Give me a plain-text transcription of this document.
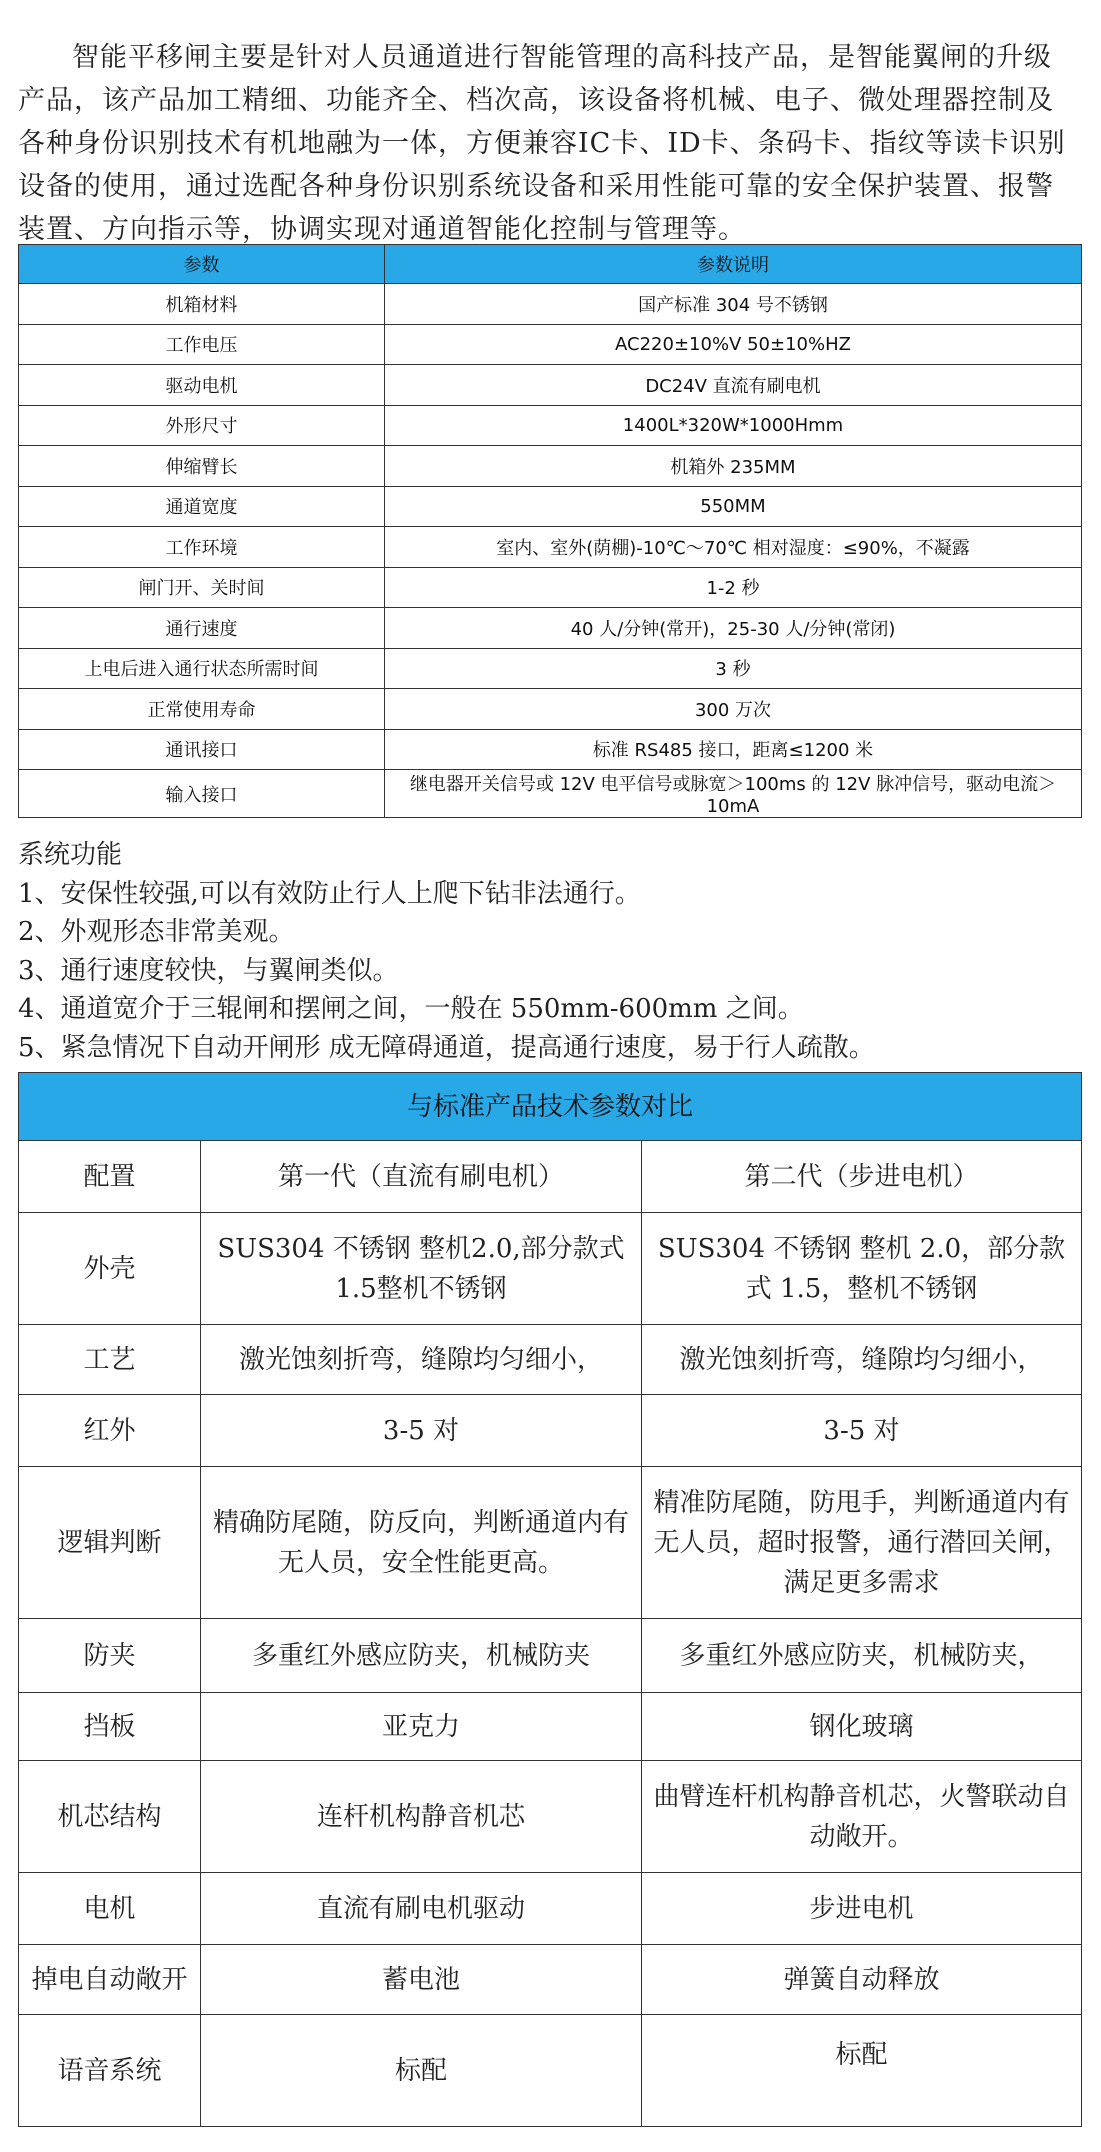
智能平移闸主要是针对人员通道进行智能管理的高科技产品，是智能翼闸的升级产品，该产品加工精细、功能齐全、档次高，该设备将机械、电子、微处理器控制及各种身份识别技术有机地融为一体，方便兼容IC卡、ID卡、条码卡、指纹等读卡识别设备的使用，通过选配各种身份识别系统设备和采用性能可靠的安全保护装置、报警装置、方向指示等，协调实现对通道智能化控制与管理等。

参数	参数说明
机箱材料	国产标准 304 号不锈钢
工作电压	AC220±10%V 50±10%HZ
驱动电机	DC24V 直流有刷电机
外形尺寸	1400L*320W*1000Hmm
伸缩臂长	机箱外 235MM
通道宽度	550MM
工作环境	室内、室外(荫棚)-10℃～70℃ 相对湿度：≤90%，不凝露
闸门开、关时间	1-2 秒
通行速度	40 人/分钟(常开)，25-30 人/分钟(常闭)
上电后进入通行状态所需时间	3 秒
正常使用寿命	300 万次
通讯接口	标准 RS485 接口，距离≤1200 米
输入接口	继电器开关信号或 12V 电平信号或脉宽＞100ms 的 12V 脉冲信号，驱动电流＞10mA
系统功能
1、安保性较强,可以有效防止行人上爬下钻非法通行。
2、外观形态非常美观。
3、通行速度较快，与翼闸类似。
4、通道宽介于三辊闸和摆闸之间，一般在 550mm-600mm 之间。
5、紧急情况下自动开闸形 成无障碍通道，提高通行速度，易于行人疏散。
与标准产品技术参数对比		
配置	第一代（直流有刷电机）	第二代（步进电机）
外壳	SUS304 不锈钢 整机2.0,部分款式1.5整机不锈钢	SUS304 不锈钢 整机 2.0，部分款式 1.5，整机不锈钢
工艺	激光蚀刻折弯，缝隙均匀细小，	激光蚀刻折弯，缝隙均匀细小，
红外	3-5 对	3-5 对
逻辑判断	精确防尾随，防反向，判断通道内有无人员，安全性能更高。	精准防尾随，防甩手，判断通道内有无人员，超时报警，通行潜回关闸，满足更多需求
防夹	多重红外感应防夹，机械防夹	多重红外感应防夹，机械防夹，
挡板	亚克力	钢化玻璃
机芯结构	连杆机构静音机芯	曲臂连杆机构静音机芯，火警联动自动敞开。
电机	直流有刷电机驱动	步进电机
掉电自动敞开	蓄电池	弹簧自动释放
语音系统	标配	标配
